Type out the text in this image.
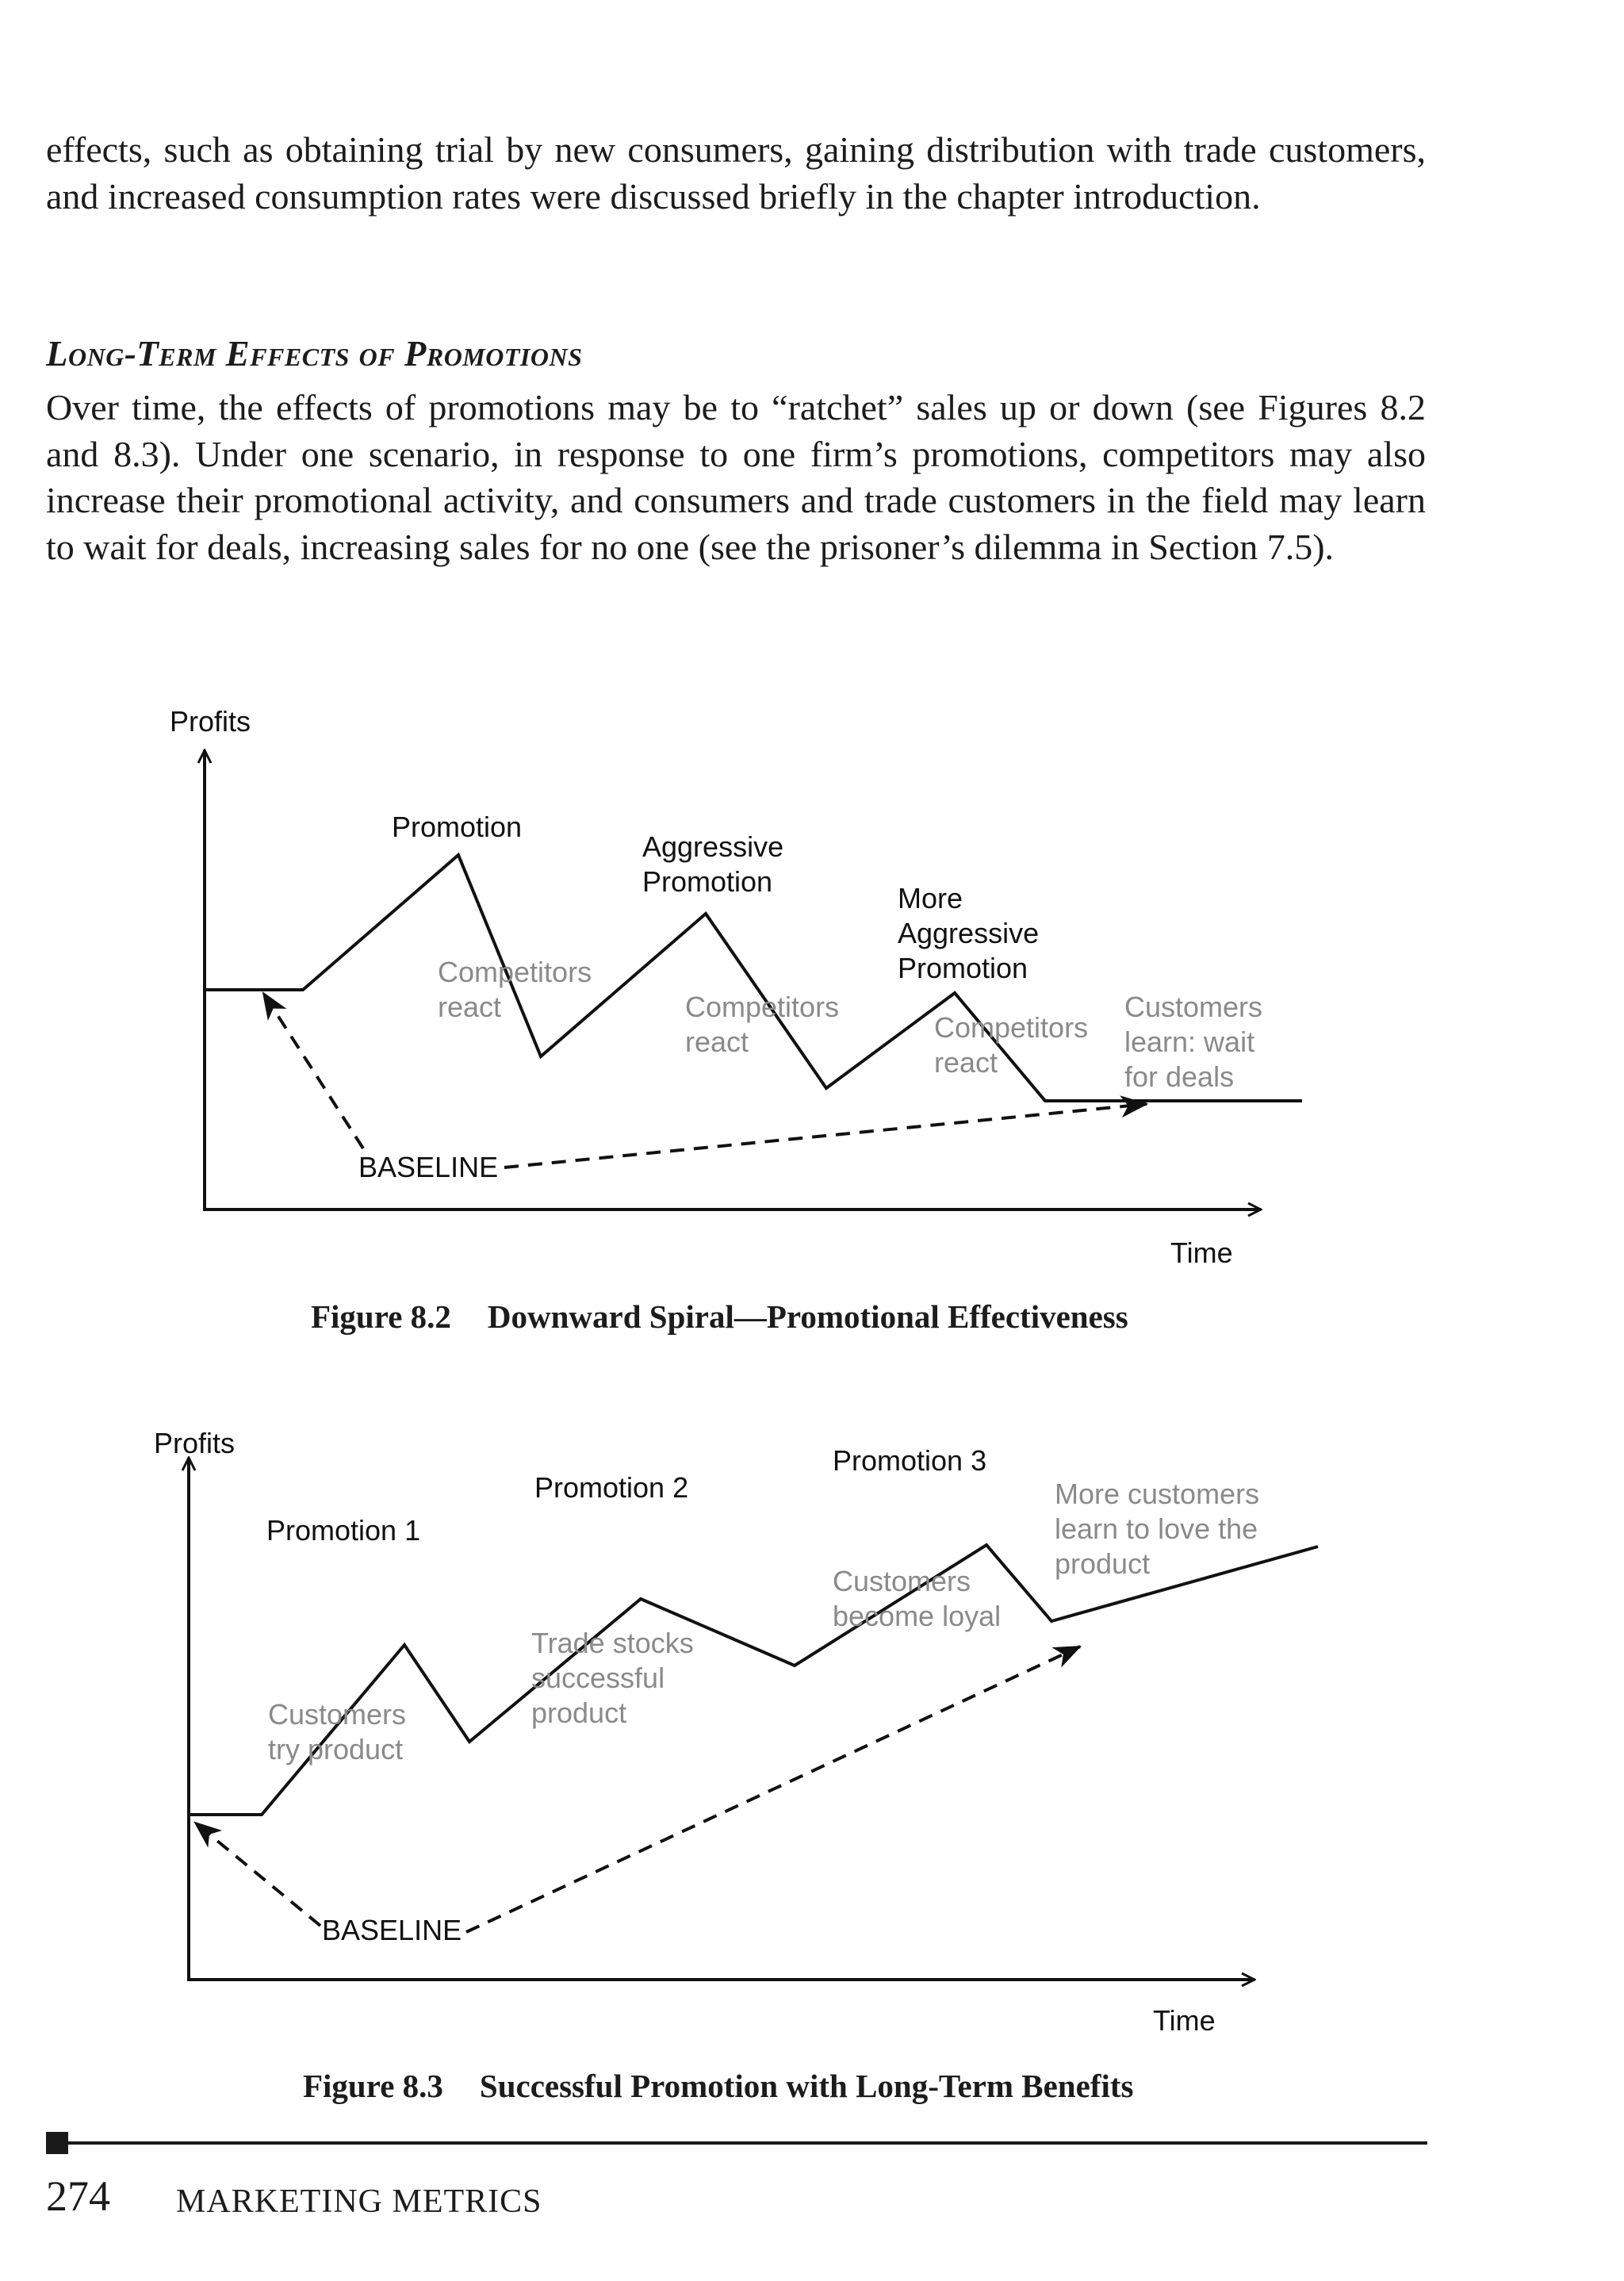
effects, such as obtaining trial by new consumers, gaining distribution with trade customers, and increased consumption rates were discussed briefly in the chapter introduction.

Long-Term Effects of Promotions

Over time, the effects of promotions may be to “ratchet” sales up or down (see Figures 8.2 and 8.3). Under one scenario, in response to one firm’s promotions, competitors may also increase their promotional activity, and consumers and trade customers in the field may learn to wait for deals, increasing sales for no one (see the prisoner’s dilemma in Section 7.5).

Profits
Time
BASELINE
Promotion
Aggressive Promotion
More Aggressive Promotion
Competitors react	Competitors react	Competitors react
Customers learn: wait for deals

Figure 8.2 Downward Spiral—Promotional Effectiveness

Profits
Time
BASELINE
Promotion 1
Promotion 2
Promotion 3
Customers try product
Trade stocks successful product
Customers become loyal
More customers learn to love the product

Figure 8.3 Successful Promotion with Long-Term Benefits

274 MARKETING METRICS
